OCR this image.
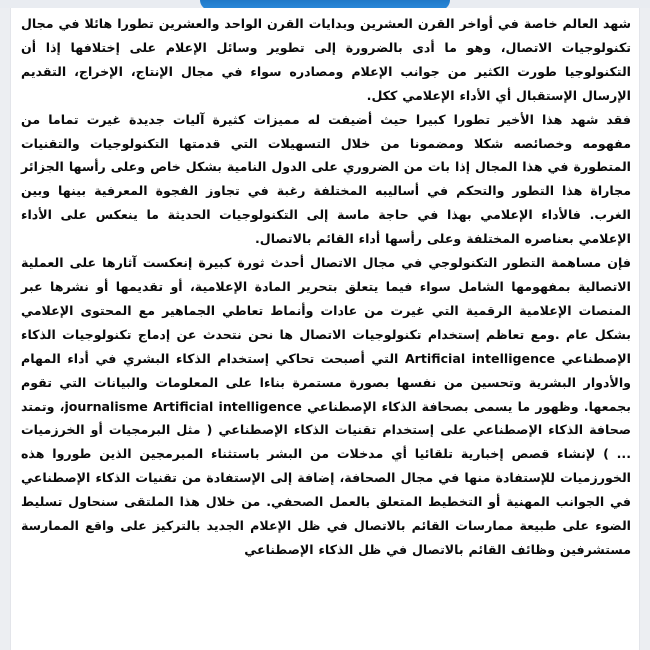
شهد العالم خاصة في أواخر القرن العشرين وبدايات القرن الواحد والعشرين تطورا هائلا في مجال تكنولوجيات الاتصال، وهو ما أدى بالضرورة إلى تطوير وسائل الإعلام على إختلافها إذا أن التكنولوجيا طورت الكثير من جوانب الإعلام ومصادره سواء في مجال الإنتاج، الإخراج، التقديم الإرسال الإستقبال أي الأداء الإعلامي ككل.

فقد شهد هذا الأخير تطورا كبيرا حيث أضيفت له مميزات كثيرة آليات جديدة غيرت تماما من مفهومه وخصائصه شكلا ومضمونا من خلال التسهيلات التي قدمتها التكنولوجيات والتقنيات المتطورة في هذا المجال إذا بات من الضروري على الدول النامية بشكل خاص وعلى رأسها الجزائر مجاراة هذا التطور والتحكم في أساليبه المختلفة رغبة في تجاوز الفجوة المعرفية بينها وبين الغرب. فالأداء الإعلامي بهذا في حاجة ماسة إلى التكنولوجيات الحديثة ما ينعكس على الأداء الإعلامي بعناصره المختلفة وعلى رأسها أداء القائم بالاتصال.

فإن مساهمة التطور التكنولوجي في مجال الاتصال أحدث ثورة كبيرة إنعكست آثارها على العملية الاتصالية بمفهومها الشامل سواء فيما يتعلق بتحرير المادة الإعلامية، أو تقديمها أو نشرها عبر المنصات الإعلامية الرقمية التي غيرت من عادات وأنماط تعاطي الجماهير مع المحتوى الإعلامي بشكل عام .ومع تعاظم إستخدام تكنولوجيات الاتصال ها نحن نتحدث عن إدماج تكنولوجيات الذكاء الإصطناعي Artificial intelligence التي أصبحت تحاكي إستخدام الذكاء البشري في أداء المهام والأدوار البشرية وتحسين من نفسها بصورة مستمرة بناءا على المعلومات والبيانات التي تقوم بجمعها. وظهور ما يسمى بصحافة الذكاء الإصطناعي journalisme Artificial intelligence، وتمتد صحافة الذكاء الإصطناعي على إستخدام تقنيات الذكاء الإصطناعي ( مثل البرمجيات أو الخرزميات ... ) لإنشاء قصص إخبارية تلقائيا أي مدخلات من البشر باستثناء المبرمجين الذين طوروا هذه الخورزميات للإستفادة منها في مجال الصحافة، إضافة إلى الإستفادة من تقنيات الذكاء الإصطناعي في الجوانب المهنية أو التخطيط المتعلق بالعمل الصحفي. من خلال هذا الملتقى سنحاول تسليط الضوء على طبيعة ممارسات القائم بالاتصال في ظل الإعلام الجديد بالتركيز على واقع الممارسة مستشرفين وظائف القائم بالاتصال في ظل الذكاء الإصطناعي
